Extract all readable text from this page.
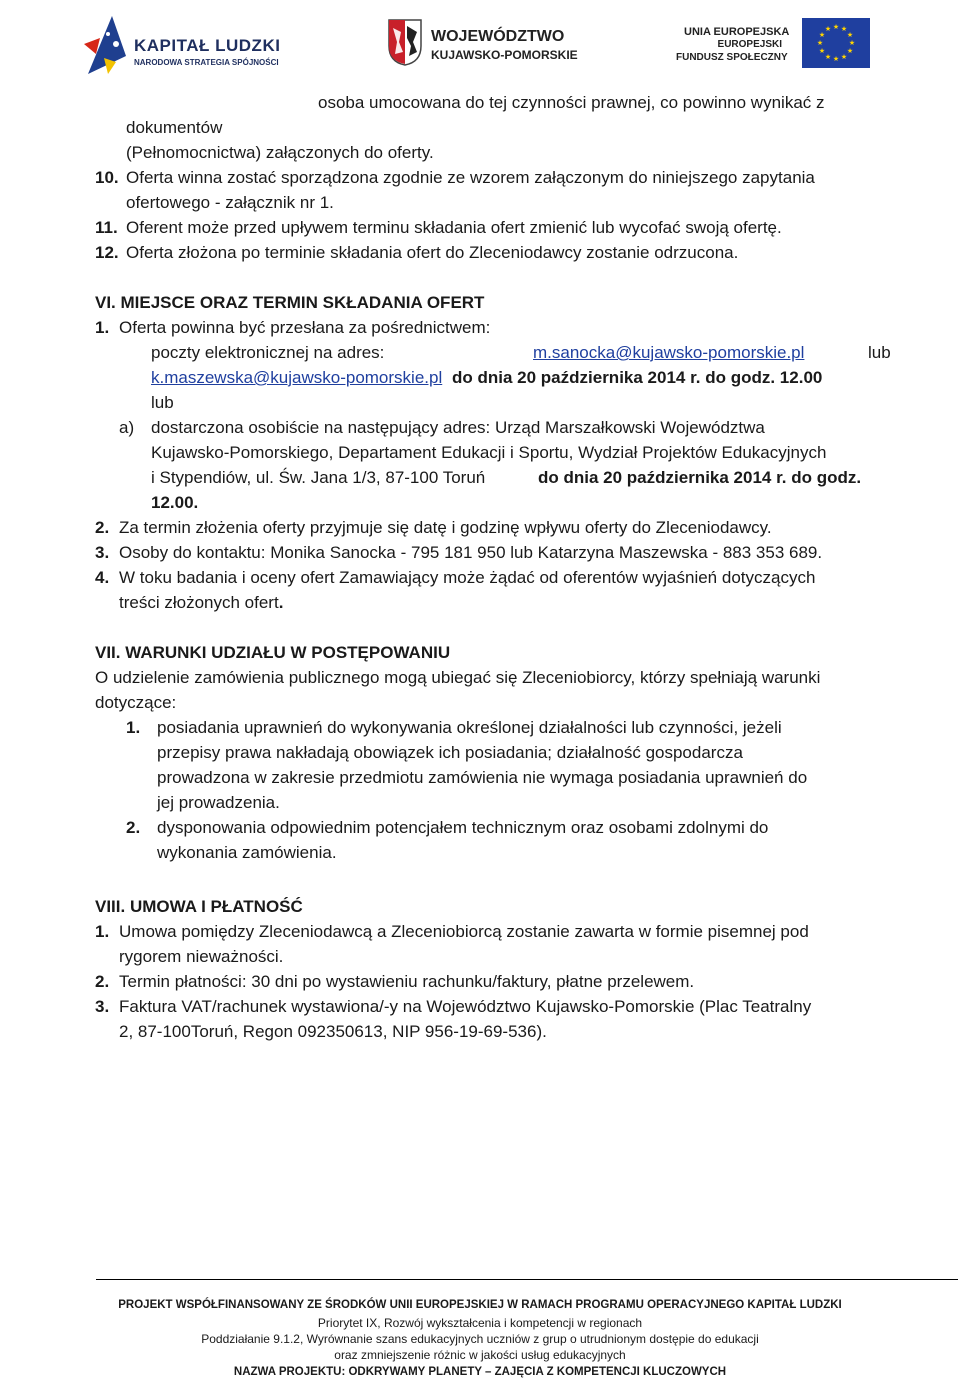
KAPITAŁ LUDZKI
NARODOWA STRATEGIA SPÓJNOŚCI
WOJEWÓDZTWO
KUJAWSKO-POMORSKIE
UNIA EUROPEJSKA
EUROPEJSKI
FUNDUSZ SPOŁECZNY
★ ★
★
★
★
★
★
★
★
★
★
★
osoba umocowana do tej czynności prawnej, co powinno wynikać z
dokumentów
(Pełnomocnictwa) załączonych do oferty.
10. Oferta winna zostać sporządzona zgodnie ze wzorem załączonym do niniejszego zapytania
ofertowego - załącznik nr 1.
11. Oferent może przed upływem terminu składania ofert zmienić lub wycofać swoją ofertę.
12. Oferta złożona po terminie składania ofert do Zleceniodawcy zostanie odrzucona.
VI. MIEJSCE ORAZ TERMIN SKŁADANIA OFERT
1. Oferta powinna być przesłana za pośrednictwem:
poczty elektronicznej na adres:	m.sanocka@kujawsko-pomorskie.pl	lub
k.maszewska@kujawsko-pomorskie.pl do dnia 20 października 2014 r. do godz. 12.00
lub
a) dostarczona osobiście na następujący adres: Urząd Marszałkowski Województwa
Kujawsko-Pomorskiego, Departament Edukacji i Sportu, Wydział Projektów Edukacyjnych
i Stypendiów, ul. Św. Jana 1/3, 87-100 Toruń	do dnia 20 października 2014 r. do godz.
12.00.
2. Za termin złożenia oferty przyjmuje się datę i godzinę wpływu oferty do Zleceniodawcy.
3. Osoby do kontaktu: Monika Sanocka - 795 181 950 lub Katarzyna Maszewska - 883 353 689.
4. W toku badania i oceny ofert Zamawiający może żądać od oferentów wyjaśnień dotyczących
treści złożonych ofert.
VII. WARUNKI UDZIAŁU W POSTĘPOWANIU
O udzielenie zamówienia publicznego mogą ubiegać się Zleceniobiorcy, którzy spełniają warunki
dotyczące:
1. posiadania uprawnień do wykonywania określonej działalności lub czynności, jeżeli
przepisy prawa nakładają obowiązek ich posiadania; działalność gospodarcza
prowadzona w zakresie przedmiotu zamówienia nie wymaga posiadania uprawnień do
jej prowadzenia.
2. dysponowania odpowiednim potencjałem technicznym oraz osobami zdolnymi do
wykonania zamówienia.
VIII. UMOWA I PŁATNOŚĆ
1. Umowa pomiędzy Zleceniodawcą a Zleceniobiorcą zostanie zawarta w formie pisemnej pod
rygorem nieważności.
2. Termin płatności: 30 dni po wystawieniu rachunku/faktury, płatne przelewem.
3. Faktura VAT/rachunek wystawiona/-y na Województwo Kujawsko-Pomorskie (Plac Teatralny
2, 87-100Toruń, Regon 092350613, NIP 956-19-69-536).
PROJEKT WSPÓŁFINANSOWANY ZE ŚRODKÓW UNII EUROPEJSKIEJ W RAMACH PROGRAMU OPERACYJNEGO KAPITAŁ LUDZKI
Priorytet IX, Rozwój wykształcenia i kompetencji w regionach
Poddziałanie 9.1.2, Wyrównanie szans edukacyjnych uczniów z grup o utrudnionym dostępie do edukacji
oraz zmniejszenie różnic w jakości usług edukacyjnych
NAZWA PROJEKTU: ODKRYWAMY PLANETY – ZAJĘCIA Z KOMPETENCJI KLUCZOWYCH
